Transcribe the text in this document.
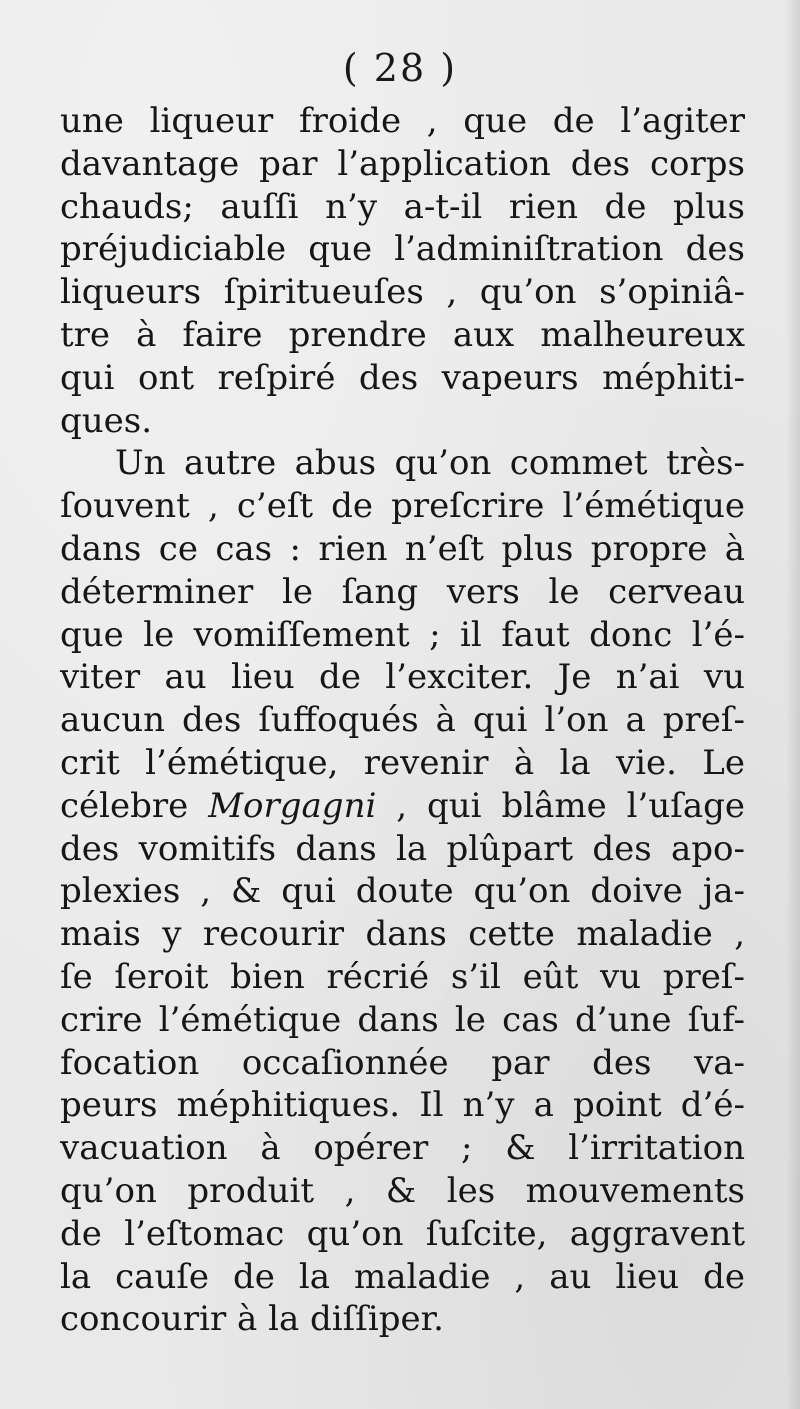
( 28 )
une liqueur froide , que de l’agiter
davantage par l’application des corps
chauds; auſſi n’y a-t-il rien de plus
préjudiciable que l’adminiſtration des
liqueurs ſpiritueuſes , qu’on s’opiniâ-
tre à faire prendre aux malheureux
qui ont reſpiré des vapeurs méphiti-
ques.
Un autre abus qu’on commet très-
ſouvent , c’eſt de preſcrire l’émétique
dans ce cas : rien n’eſt plus propre à
déterminer le ſang vers le cerveau
que le vomiſſement ; il faut donc l’é-
viter au lieu de l’exciter. Je n’ai vu
aucun des ſuffoqués à qui l’on a preſ-
crit l’émétique, revenir à la vie. Le
célebre Morgagni , qui blâme l’uſage
des vomitifs dans la plûpart des apo-
plexies , & qui doute qu’on doive ja-
mais y recourir dans cette maladie ,
ſe ſeroit bien récrié s’il eût vu preſ-
crire l’émétique dans le cas d’une ſuf-
focation occaſionnée par des va-
peurs méphitiques. Il n’y a point d’é-
vacuation à opérer ; & l’irritation
qu’on produit , & les mouvements
de l’eſtomac qu’on ſuſcite, aggravent
la cauſe de la maladie , au lieu de
concourir à la diſſiper.
